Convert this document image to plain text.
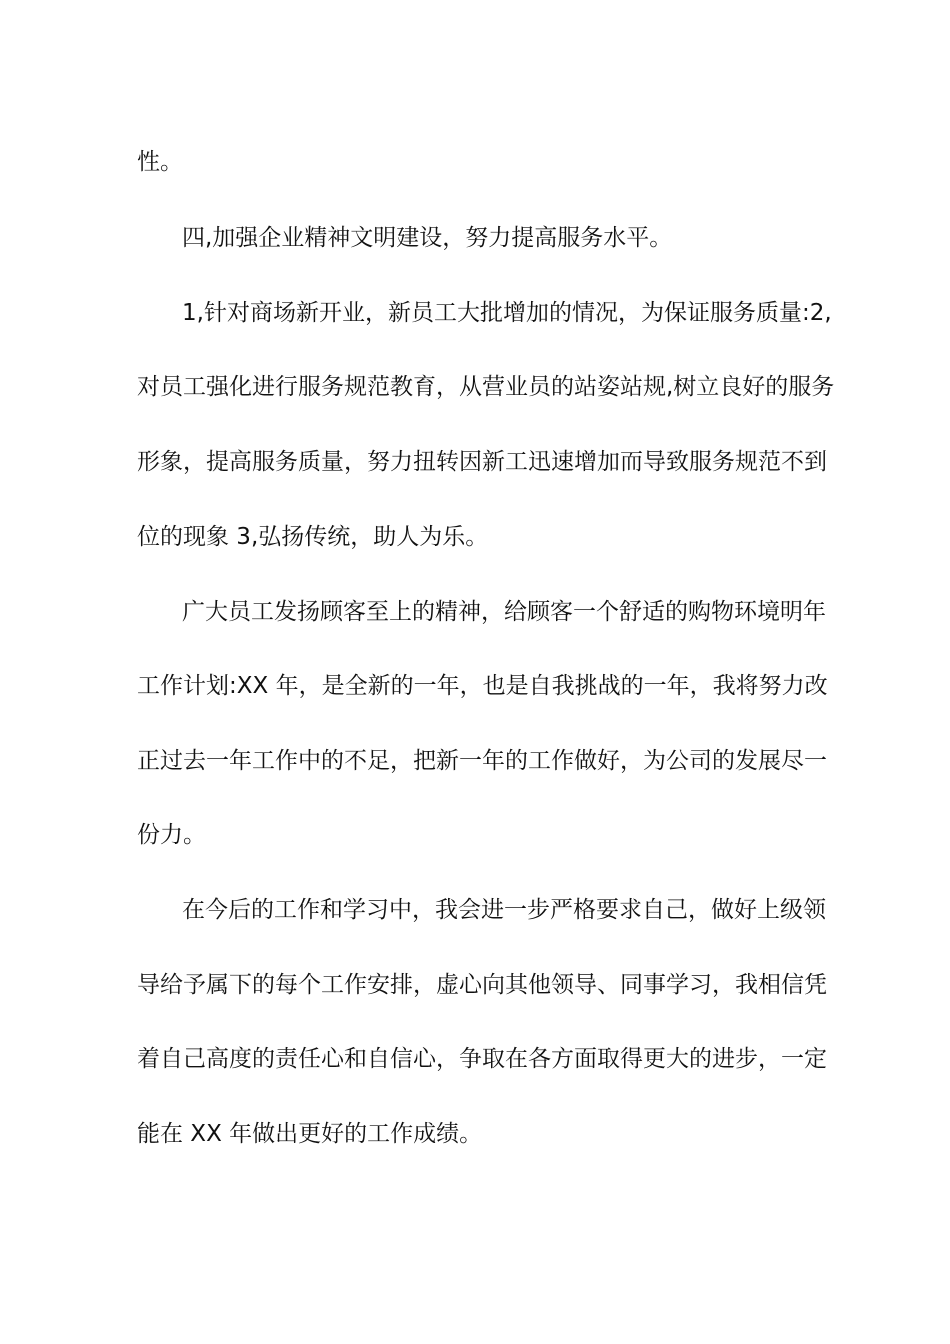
性。
四,加强企业精神文明建设，努力提高服务水平。
1,针对商场新开业，新员工大批增加的情况，为保证服务质量:2,
对员工强化进行服务规范教育，从营业员的站姿站规,树立良好的服务
形象，提高服务质量，努力扭转因新工迅速增加而导致服务规范不到
位的现象 3,弘扬传统，助人为乐。
广大员工发扬顾客至上的精神，给顾客一个舒适的购物环境明年
工作计划:XX 年，是全新的一年，也是自我挑战的一年，我将努力改
正过去一年工作中的不足，把新一年的工作做好，为公司的发展尽一
份力。
在今后的工作和学习中，我会进一步严格要求自己，做好上级领
导给予属下的每个工作安排，虚心向其他领导、同事学习，我相信凭
着自己高度的责任心和自信心，争取在各方面取得更大的进步，一定
能在 XX 年做出更好的工作成绩。
